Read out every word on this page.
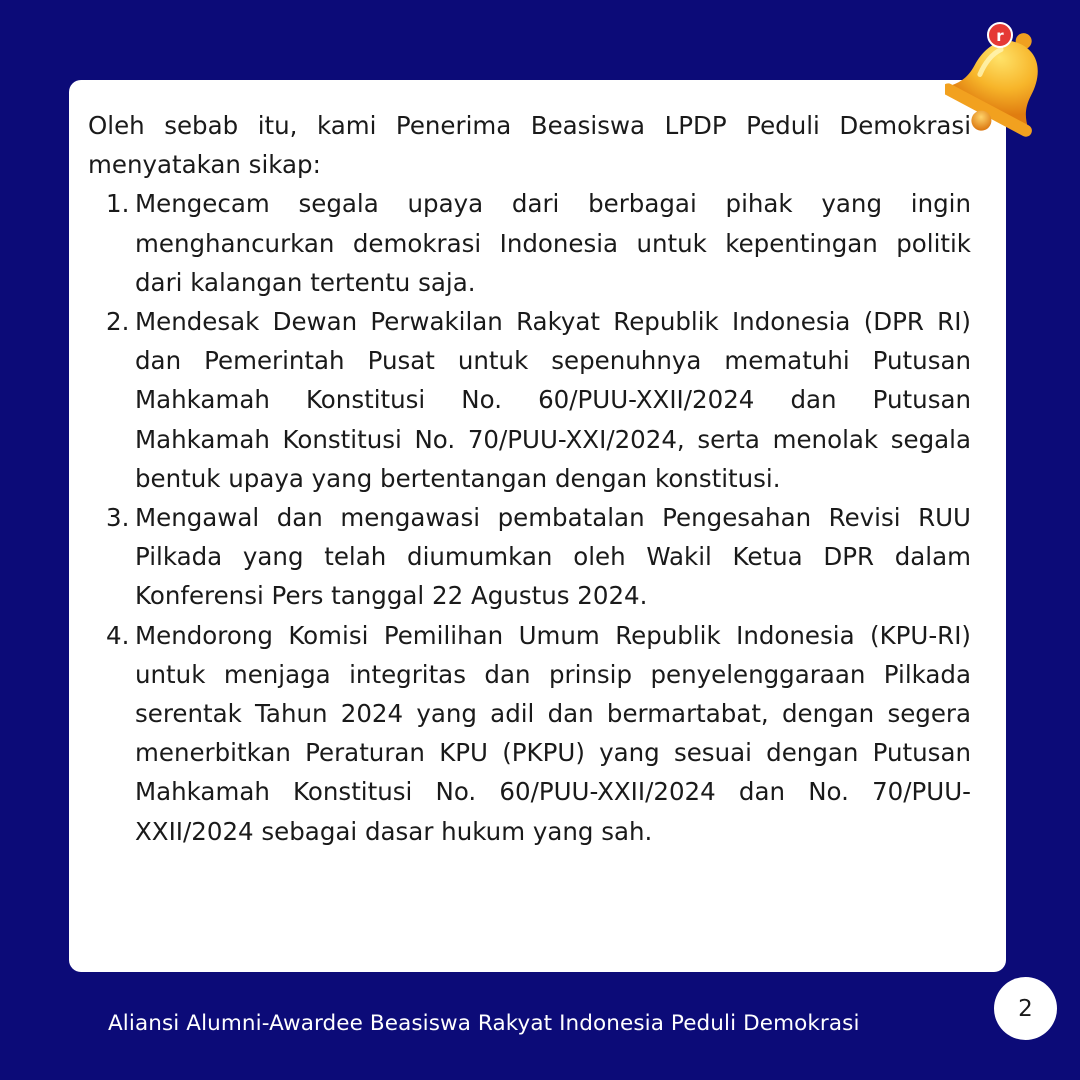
Oleh sebab itu, kami Penerima Beasiswa LPDP Peduli Demokrasi menyatakan sikap:

1. Mengecam segala upaya dari berbagai pihak yang ingin menghancurkan demokrasi Indonesia untuk kepentingan politik dari kalangan tertentu saja.
2. Mendesak Dewan Perwakilan Rakyat Republik Indonesia (DPR RI) dan Pemerintah Pusat untuk sepenuhnya mematuhi Putusan Mahkamah Konstitusi No. 60/PUU-XXII/2024 dan Putusan Mahkamah Konstitusi No. 70/PUU-XXI/2024, serta menolak segala bentuk upaya yang bertentangan dengan konstitusi.
3. Mengawal dan mengawasi pembatalan Pengesahan Revisi RUU Pilkada yang telah diumumkan oleh Wakil Ketua DPR dalam Konferensi Pers tanggal 22 Agustus 2024.
4. Mendorong Komisi Pemilihan Umum Republik Indonesia (KPU-RI) untuk menjaga integritas dan prinsip penyelenggaraan Pilkada serentak Tahun 2024 yang adil dan bermartabat, dengan segera menerbitkan Peraturan KPU (PKPU) yang sesuai dengan Putusan Mahkamah Konstitusi No. 60/PUU-XXII/2024 dan No. 70/PUU-XXII/2024 sebagai dasar hukum yang sah.
r
Aliansi Alumni-Awardee Beasiswa Rakyat Indonesia Peduli Demokrasi
2
